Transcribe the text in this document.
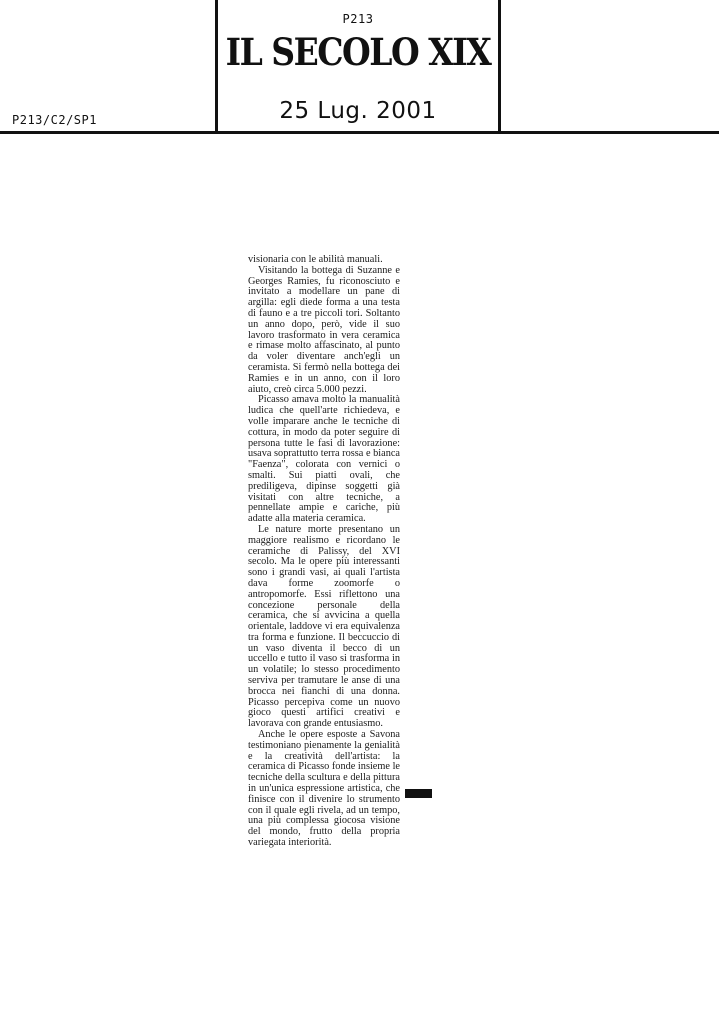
P213/C2/SP1
P213
IL SECOLO XIX
25 Lug. 2001

visionaria con le abilità manuali.

Visitando la bottega di Suzanne e Georges Ramies, fu riconosciuto e invitato a modellare un pane di argilla: egli diede forma a una testa di fauno e a tre piccoli tori. Soltanto un anno dopo, però, vide il suo lavoro trasformato in vera ceramica e rimase molto affascinato, al punto da voler diventare anch'egli un ceramista. Si fermò nella bottega dei Ramies e in un anno, con il loro aiuto, creò circa 5.000 pezzi.

Picasso amava molto la manualità ludica che quell'arte richiedeva, e volle imparare anche le tecniche di cottura, in modo da poter seguire di persona tutte le fasi di lavorazione: usava soprattutto terra rossa e bianca "Faenza", colorata con vernici o smalti. Sui piatti ovali, che prediligeva, dipinse soggetti già visitati con altre tecniche, a pennellate ampie e cariche, più adatte alla materia ceramica.

Le nature morte presentano un maggiore realismo e ricordano le ceramiche di Palissy, del XVI secolo. Ma le opere più interessanti sono i grandi vasi, ai quali l'artista dava forme zoomorfe o antropomorfe. Essi riflettono una concezione personale della ceramica, che si avvicina a quella orientale, laddove vi era equivalenza tra forma e funzione. Il beccuccio di un vaso diventa il becco di un uccello e tutto il vaso si trasforma in un volatile; lo stesso procedimento serviva per tramutare le anse di una brocca nei fianchi di una donna. Picasso percepiva come un nuovo gioco questi artifici creativi e lavorava con grande entusiasmo.

Anche le opere esposte a Savona testimoniano pienamente la genialità e la creatività dell'artista: la ceramica di Picasso fonde insieme le tecniche della scultura e della pittura in un'unica espressione artistica, che finisce con il divenire lo strumento con il quale egli rivela, ad un tempo, una più complessa giocosa visione del mondo, frutto della propria variegata interiorità.
